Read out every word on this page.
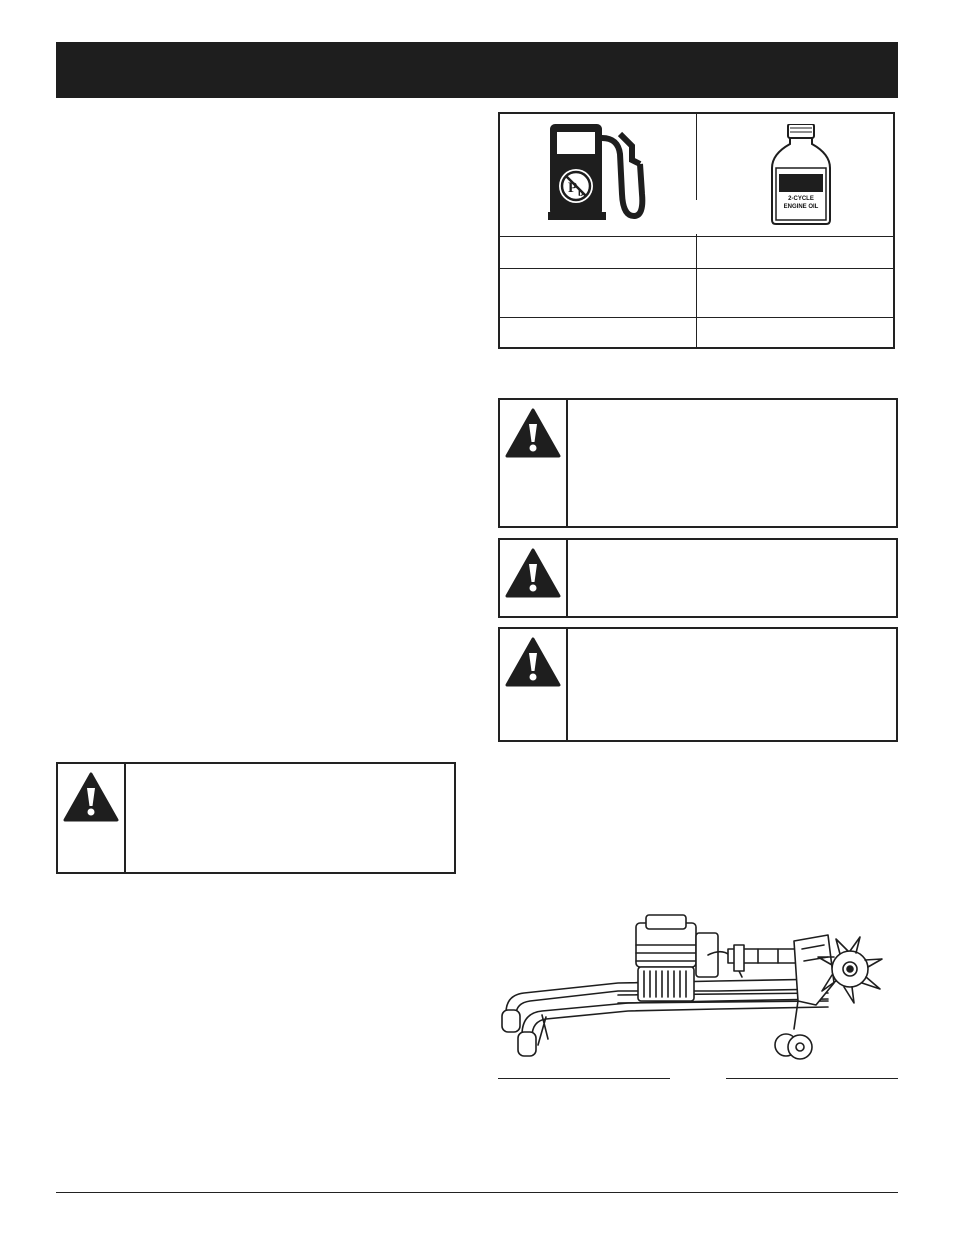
P b	2-CYCLE
ENGINE OIL
